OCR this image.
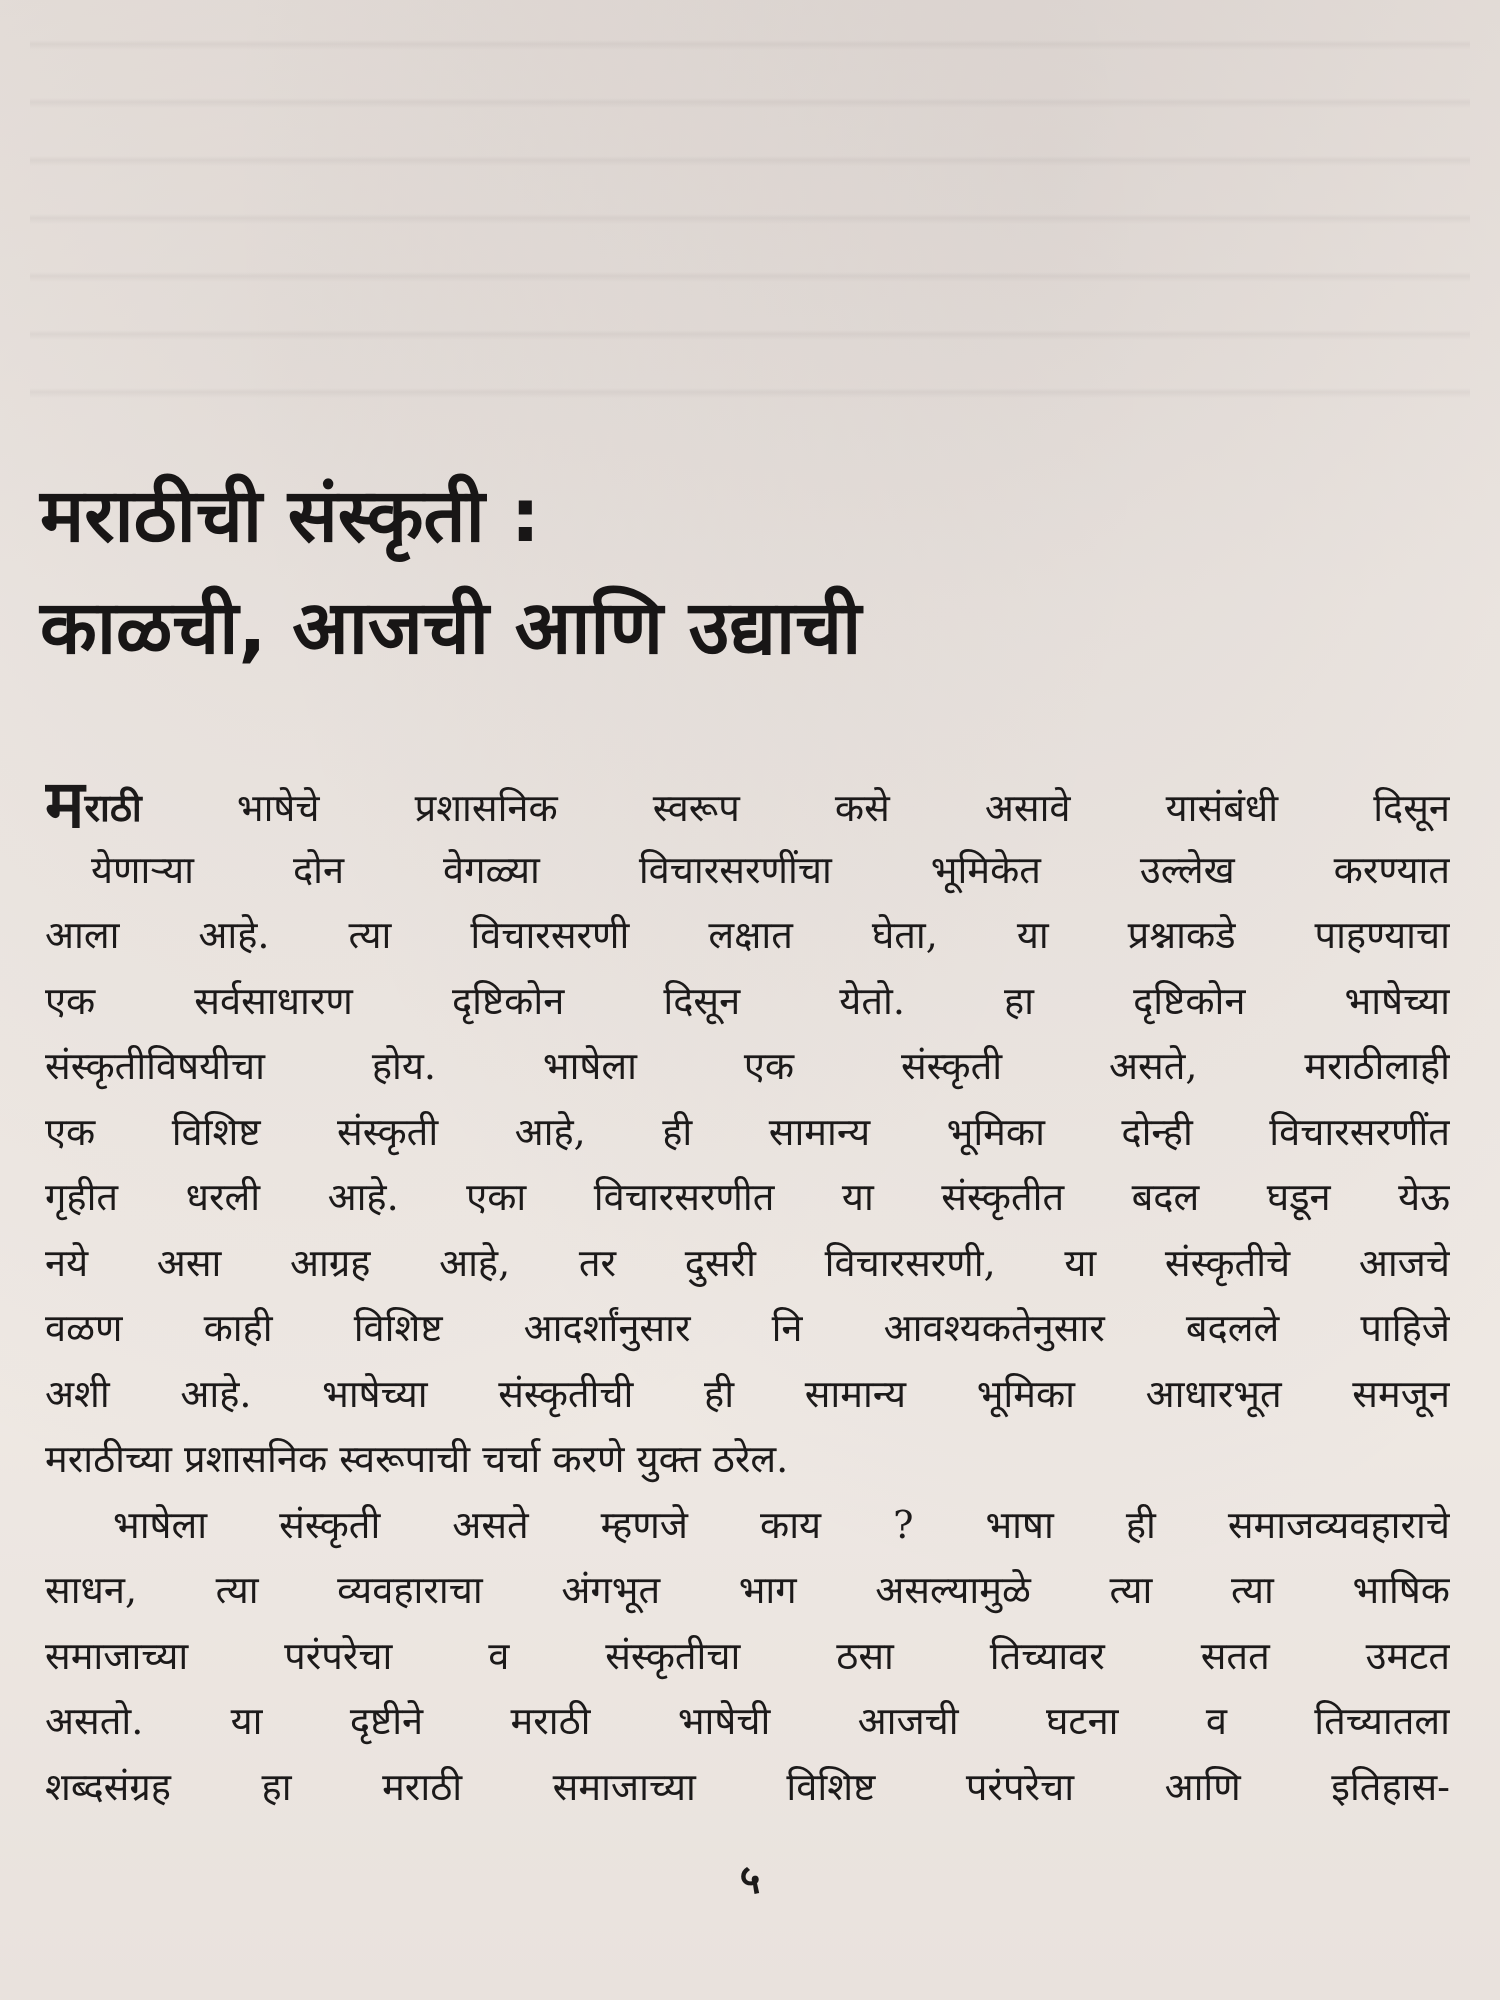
मराठीची संस्कृती :
काळची, आजची आणि उद्याची
मराठी भाषेचे प्रशासनिक स्वरूप कसे असावे यासंबंधी दिसून
येणाऱ्या दोन वेगळ्या विचारसरणींचा भूमिकेत उल्लेख करण्यात
आला आहे. त्या विचारसरणी लक्षात घेता, या प्रश्नाकडे पाहण्याचा
एक सर्वसाधारण दृष्टिकोन दिसून येतो. हा दृष्टिकोन भाषेच्या
संस्कृतीविषयीचा होय. भाषेला एक संस्कृती असते, मराठीलाही
एक विशिष्ट संस्कृती आहे, ही सामान्य भूमिका दोन्ही विचारसरणींत
गृहीत धरली आहे. एका विचारसरणीत या संस्कृतीत बदल घडून येऊ
नये असा आग्रह आहे, तर दुसरी विचारसरणी, या संस्कृतीचे आजचे
वळण काही विशिष्ट आदर्शांनुसार नि आवश्यकतेनुसार बदलले पाहिजे
अशी आहे. भाषेच्या संस्कृतीची ही सामान्य भूमिका आधारभूत समजून
मराठीच्या प्रशासनिक स्वरूपाची चर्चा करणे युक्त ठरेल.
भाषेला संस्कृती असते म्हणजे काय ? भाषा ही समाजव्यवहाराचे
साधन, त्या व्यवहाराचा अंगभूत भाग असल्यामुळे त्या त्या भाषिक
समाजाच्या परंपरेचा व संस्कृतीचा ठसा तिच्यावर सतत उमटत
असतो. या दृष्टीने मराठी भाषेची आजची घटना व तिच्यातला
शब्दसंग्रह हा मराठी समाजाच्या विशिष्ट परंपरेचा आणि इतिहास-
५
